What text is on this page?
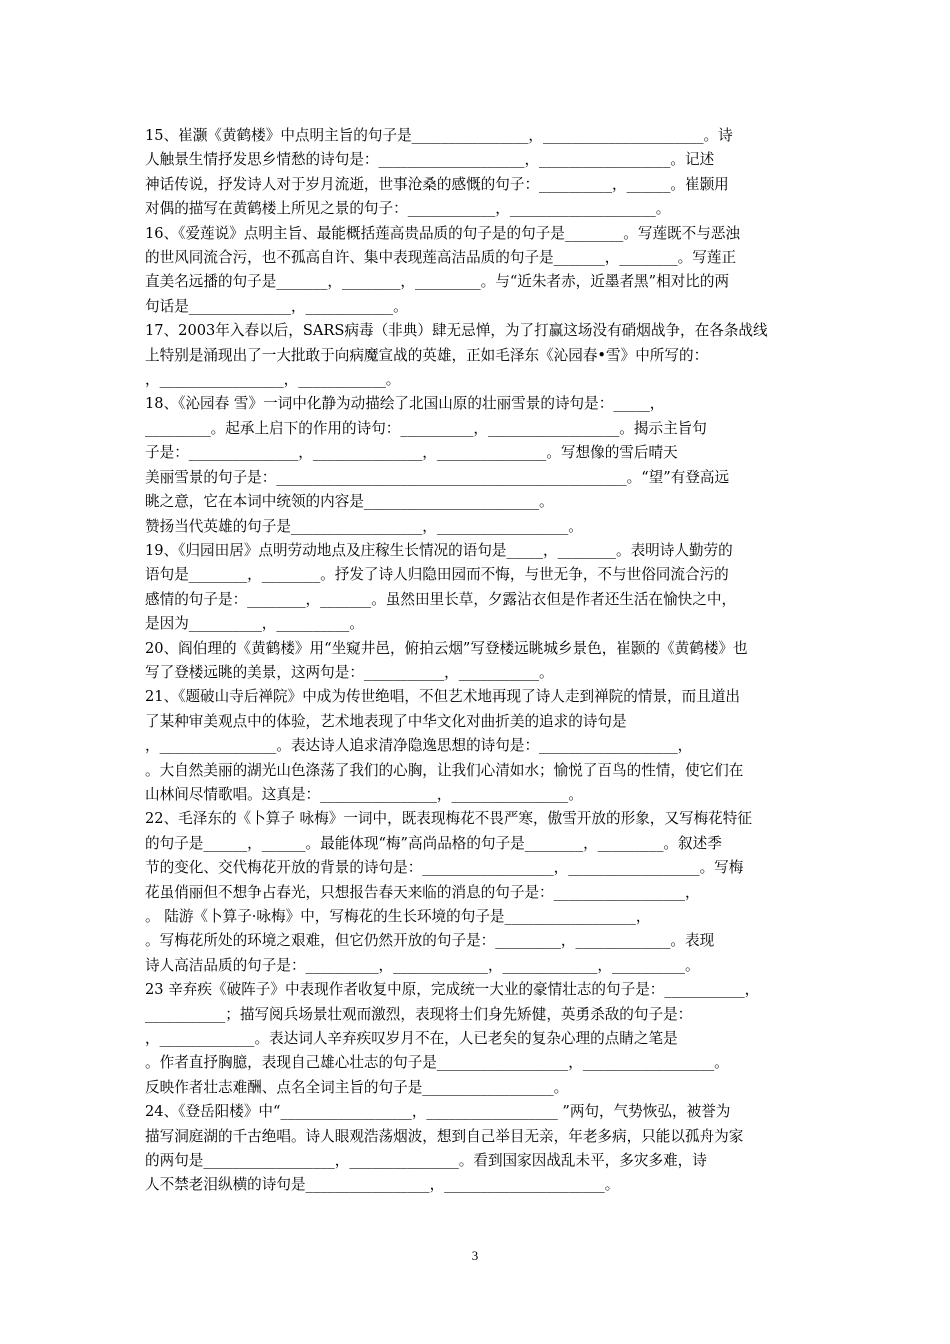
15、崔灏《黄鹤楼》中点明主旨的句子是________________，______________________。诗
人触景生情抒发思乡情愁的诗句是：____________________，__________________。记述
神话传说，抒发诗人对于岁月流逝，世事沧桑的感慨的句子：__________，______。崔颢用
对偶的描写在黄鹤楼上所见之景的句子：____________，____________________。
16、《爱莲说》点明主旨、最能概括莲高贵品质的句子是的句子是________。写莲既不与恶浊
的世风同流合污，也不孤高自许、集中表现莲高洁品质的句子是_______，________。写莲正
直美名远播的句子是_______，________，_________。与“近朱者赤，近墨者黑”相对比的两
句话是______________，____________。
17、2003年入春以后，SARS病毒（非典）肆无忌惮，为了打赢这场没有硝烟战争，在各条战线
上特别是涌现出了一大批敢于向病魔宣战的英雄，正如毛泽东《沁园春•雪》中所写的：
，_________________，____________。
18、《沁园春 雪》一词中化静为动描绘了北国山原的壮丽雪景的诗句是：_____，
_________。起承上启下的作用的诗句：__________，__________________。揭示主旨句
子是：_______________，_______________，_______________。写想像的雪后晴天
美丽雪景的句子是：________________________________________________。“望”有登高远
眺之意，它在本词中统领的内容是________________________。
赞扬当代英雄的句子是__________________，__________________。
19、《归园田居》点明劳动地点及庄稼生长情况的语句是_____，________。表明诗人勤劳的
语句是________，________。抒发了诗人归隐田园而不悔，与世无争，不与世俗同流合污的
感情的句子是：________，_______。虽然田里长草，夕露沾衣但是作者还生活在愉快之中，
是因为__________，__________。
20、阎伯理的《黄鹤楼》用“坐窥井邑，俯拍云烟”写登楼远眺城乡景色，崔颢的《黄鹤楼》也
写了登楼远眺的美景，这两句是：___________，___________。
21、《题破山寺后禅院》中成为传世绝唱，不但艺术地再现了诗人走到禅院的情景，而且道出
了某种审美观点中的体验，艺术地表现了中华文化对曲折美的追求的诗句是
，________________。表达诗人追求清净隐逸思想的诗句是：___________________，
。大自然美丽的湖光山色涤荡了我们的心胸，让我们心清如水；愉悦了百鸟的性情，使它们在
山林间尽情歌唱。这真是：________________，________________。
22、毛泽东的《卜算子 咏梅》一词中，既表现梅花不畏严寒，傲雪开放的形象，又写梅花特征
的句子是______，______。最能体现“梅”高尚品格的句子是________，_________。叙述季
节的变化、交代梅花开放的背景的诗句是：__________________，__________________。写梅
花虽俏丽但不想争占春光，只想报告春天来临的消息的句子是：__________________，
。 陆游《卜算子·咏梅》中，写梅花的生长环境的句子是__________________，
。写梅花所处的环境之艰难，但它仍然开放的句子是：_________，_____________。表现
诗人高洁品质的句子是：__________，_____________，_____________，__________。
23 辛弃疾《破阵子》中表现作者收复中原，完成统一大业的豪情壮志的句子是：___________，
___________；描写阅兵场景壮观而激烈，表现将士们身先矫健，英勇杀敌的句子是：
，_____________。表达词人辛弃疾叹岁月不在，人已老矣的复杂心理的点睛之笔是
。作者直抒胸臆，表现自己雄心壮志的句子是__________________，__________________。
反映作者壮志难酬、点名全词主旨的句子是__________________。
24、《登岳阳楼》中“__________________，__________________ ”两句，气势恢弘，被誉为
描写洞庭湖的千古绝唱。诗人眼观浩荡烟波，想到自己举目无亲，年老多病，只能以孤舟为家
的两句是__________________，_______________。看到国家因战乱未平，多灾多难，诗
人不禁老泪纵横的诗句是_________________，______________________。
3
